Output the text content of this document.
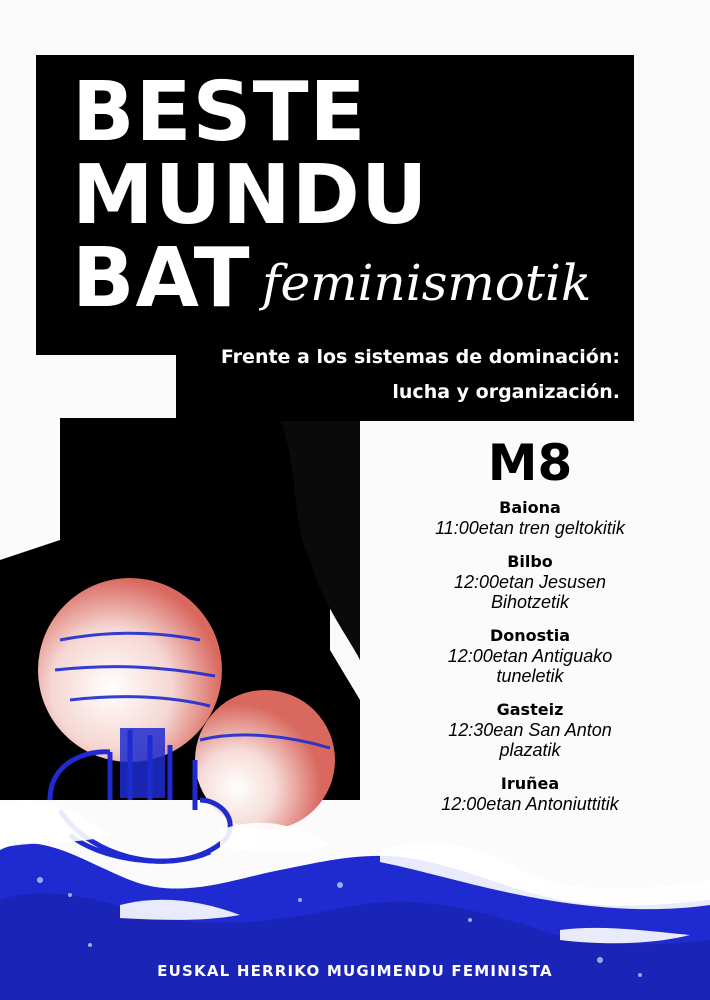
BESTE
MUNDU
BAT feminismotik
Frente a los sistemas de dominación:
lucha y organización.
M8
Baiona
11:00etan tren geltokitik
Bilbo
12:00etan Jesusen
Bihotzetik
Donostia
12:00etan Antiguako
tuneletik
Gasteiz
12:30ean San Anton
plazatik
Iruñea
12:00etan Antoniuttitik
EUSKAL HERRIKO MUGIMENDU FEMINISTA
